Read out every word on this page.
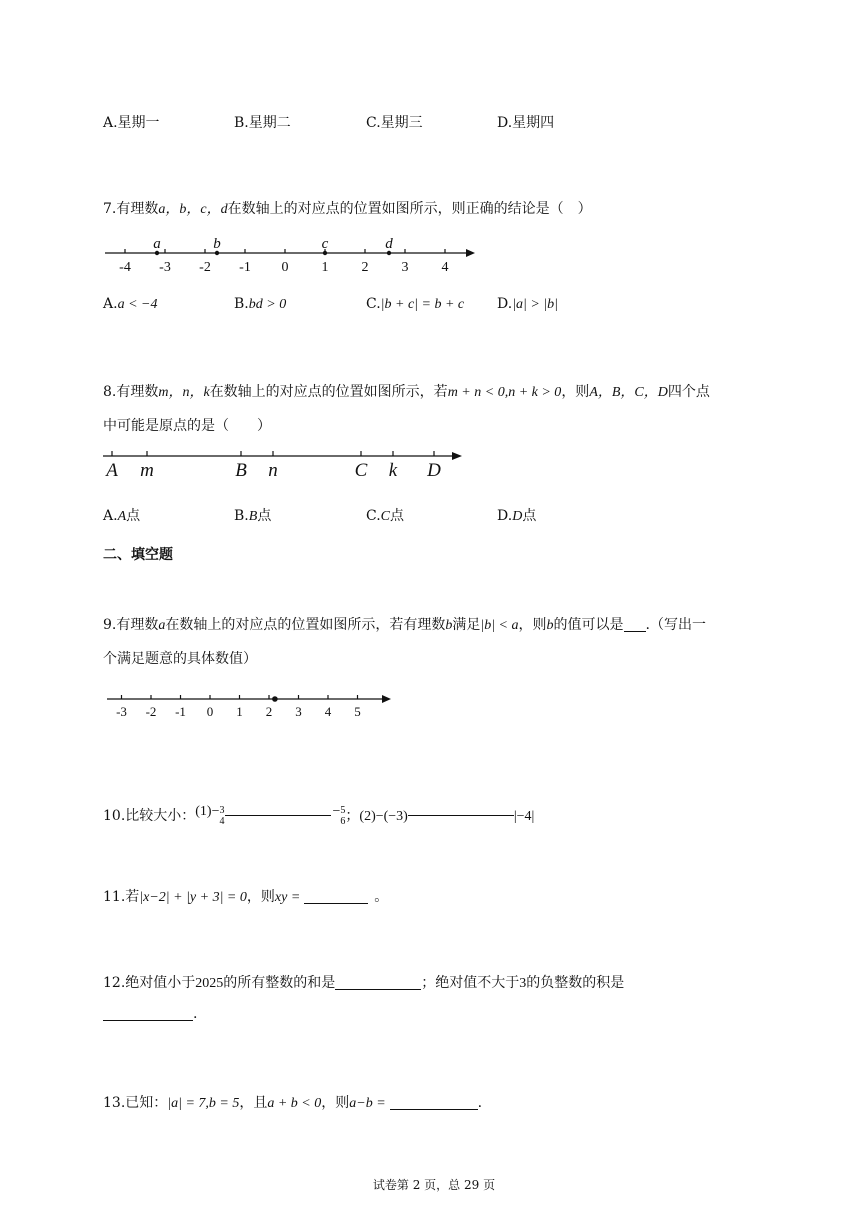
A.星期一	B.星期二	C.星期三	D.星期四
7.有理数a，b，c，d在数轴上的对应点的位置如图所示，则正确的结论是（　）
-4 -3 -2 -1 0 1 2 3 4
a	b	c	d
A.a < −4	B.bd > 0	C.|b + c| = b + c D.|a| > |b|
8.有理数m，n，k在数轴上的对应点的位置如图所示，若m + n < 0,n + k > 0，则A，B，C，D四个点
中可能是原点的是（　　）
A m	B n	C k D
A.A点	B.B点	C.C点	D.D点
二、填空题
9.有理数a在数轴上的对应点的位置如图所示，若有理数b满足|b| < a，则b的值可以是 .（写出一
个满足题意的具体数值）
-3 -2 -1 0 1 2 3 4 5
10.比较大小：(1)− 3
4
− 5
6 ；(2)−(−3)	|−4|
11.若|x−2| + |y + 3| = 0，则xy =	。
12.绝对值小于2025的所有整数的和是	；绝对值不大于3的负整数的积是
.
13.已知：|a| = 7,b = 5，且a + b < 0，则a−b =	.
试卷第 2 页，总 29 页
